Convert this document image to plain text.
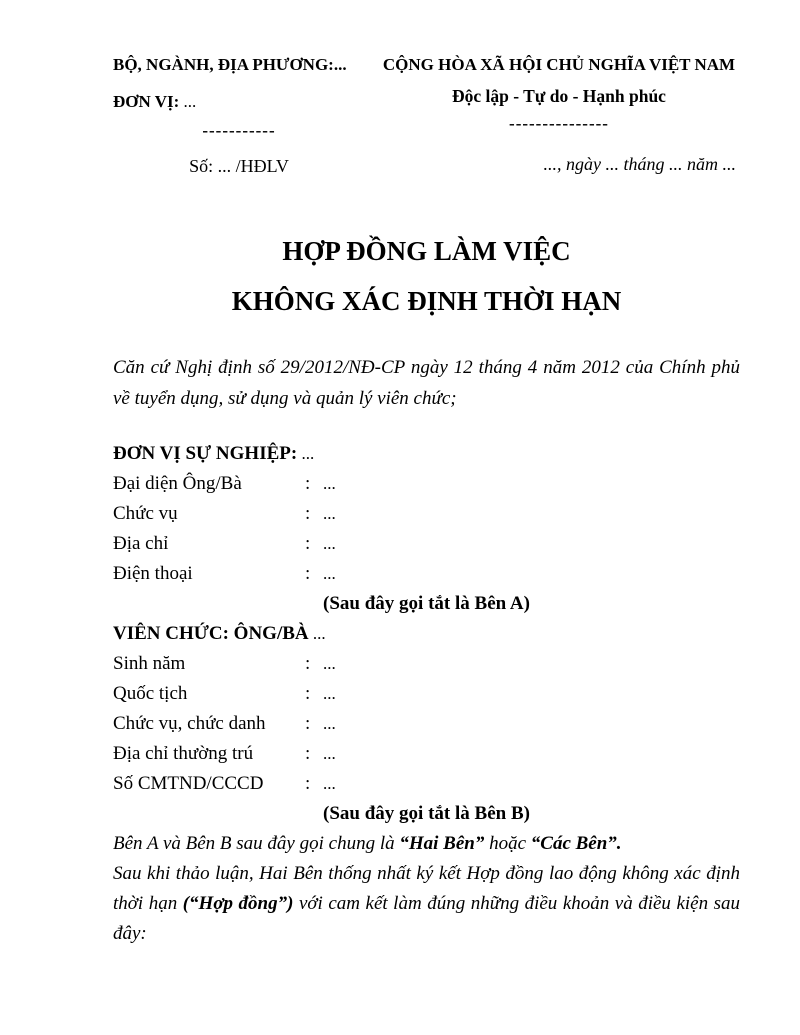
BỘ, NGÀNH, ĐỊA PHƯƠNG:...
ĐƠN VỊ: ...
-----------
Số: ... /HĐLV
CỘNG HÒA XÃ HỘI CHỦ NGHĨA VIỆT NAM
Độc lập - Tự do - Hạnh phúc
---------------
..., ngày ... tháng ... năm ...
HỢP ĐỒNG LÀM VIỆC
KHÔNG XÁC ĐỊNH THỜI HẠN

Căn cứ Nghị định số 29/2012/NĐ-CP ngày 12 tháng 4 năm 2012 của Chính phủ về tuyển dụng, sử dụng và quản lý viên chức;

ĐƠN VỊ SỰ NGHIỆP: ...
Đại diện Ông/Bà	: ...
Chức vụ	: ...
Địa chỉ	: ...
Điện thoại	: ...
(Sau đây gọi tắt là Bên A)
VIÊN CHỨC: ÔNG/BÀ ...
Sinh năm	: ...
Quốc tịch	: ...
Chức vụ, chức danh	: ...
Địa chỉ thường trú	: ...
Số CMTND/CCCD	: ...
(Sau đây gọi tắt là Bên B)
Bên A và Bên B sau đây gọi chung là “Hai Bên” hoặc “Các Bên”.
Sau khi thảo luận, Hai Bên thống nhất ký kết Hợp đồng lao động không xác định thời hạn (“Hợp đồng”) với cam kết làm đúng những điều khoản và điều kiện sau đây:
